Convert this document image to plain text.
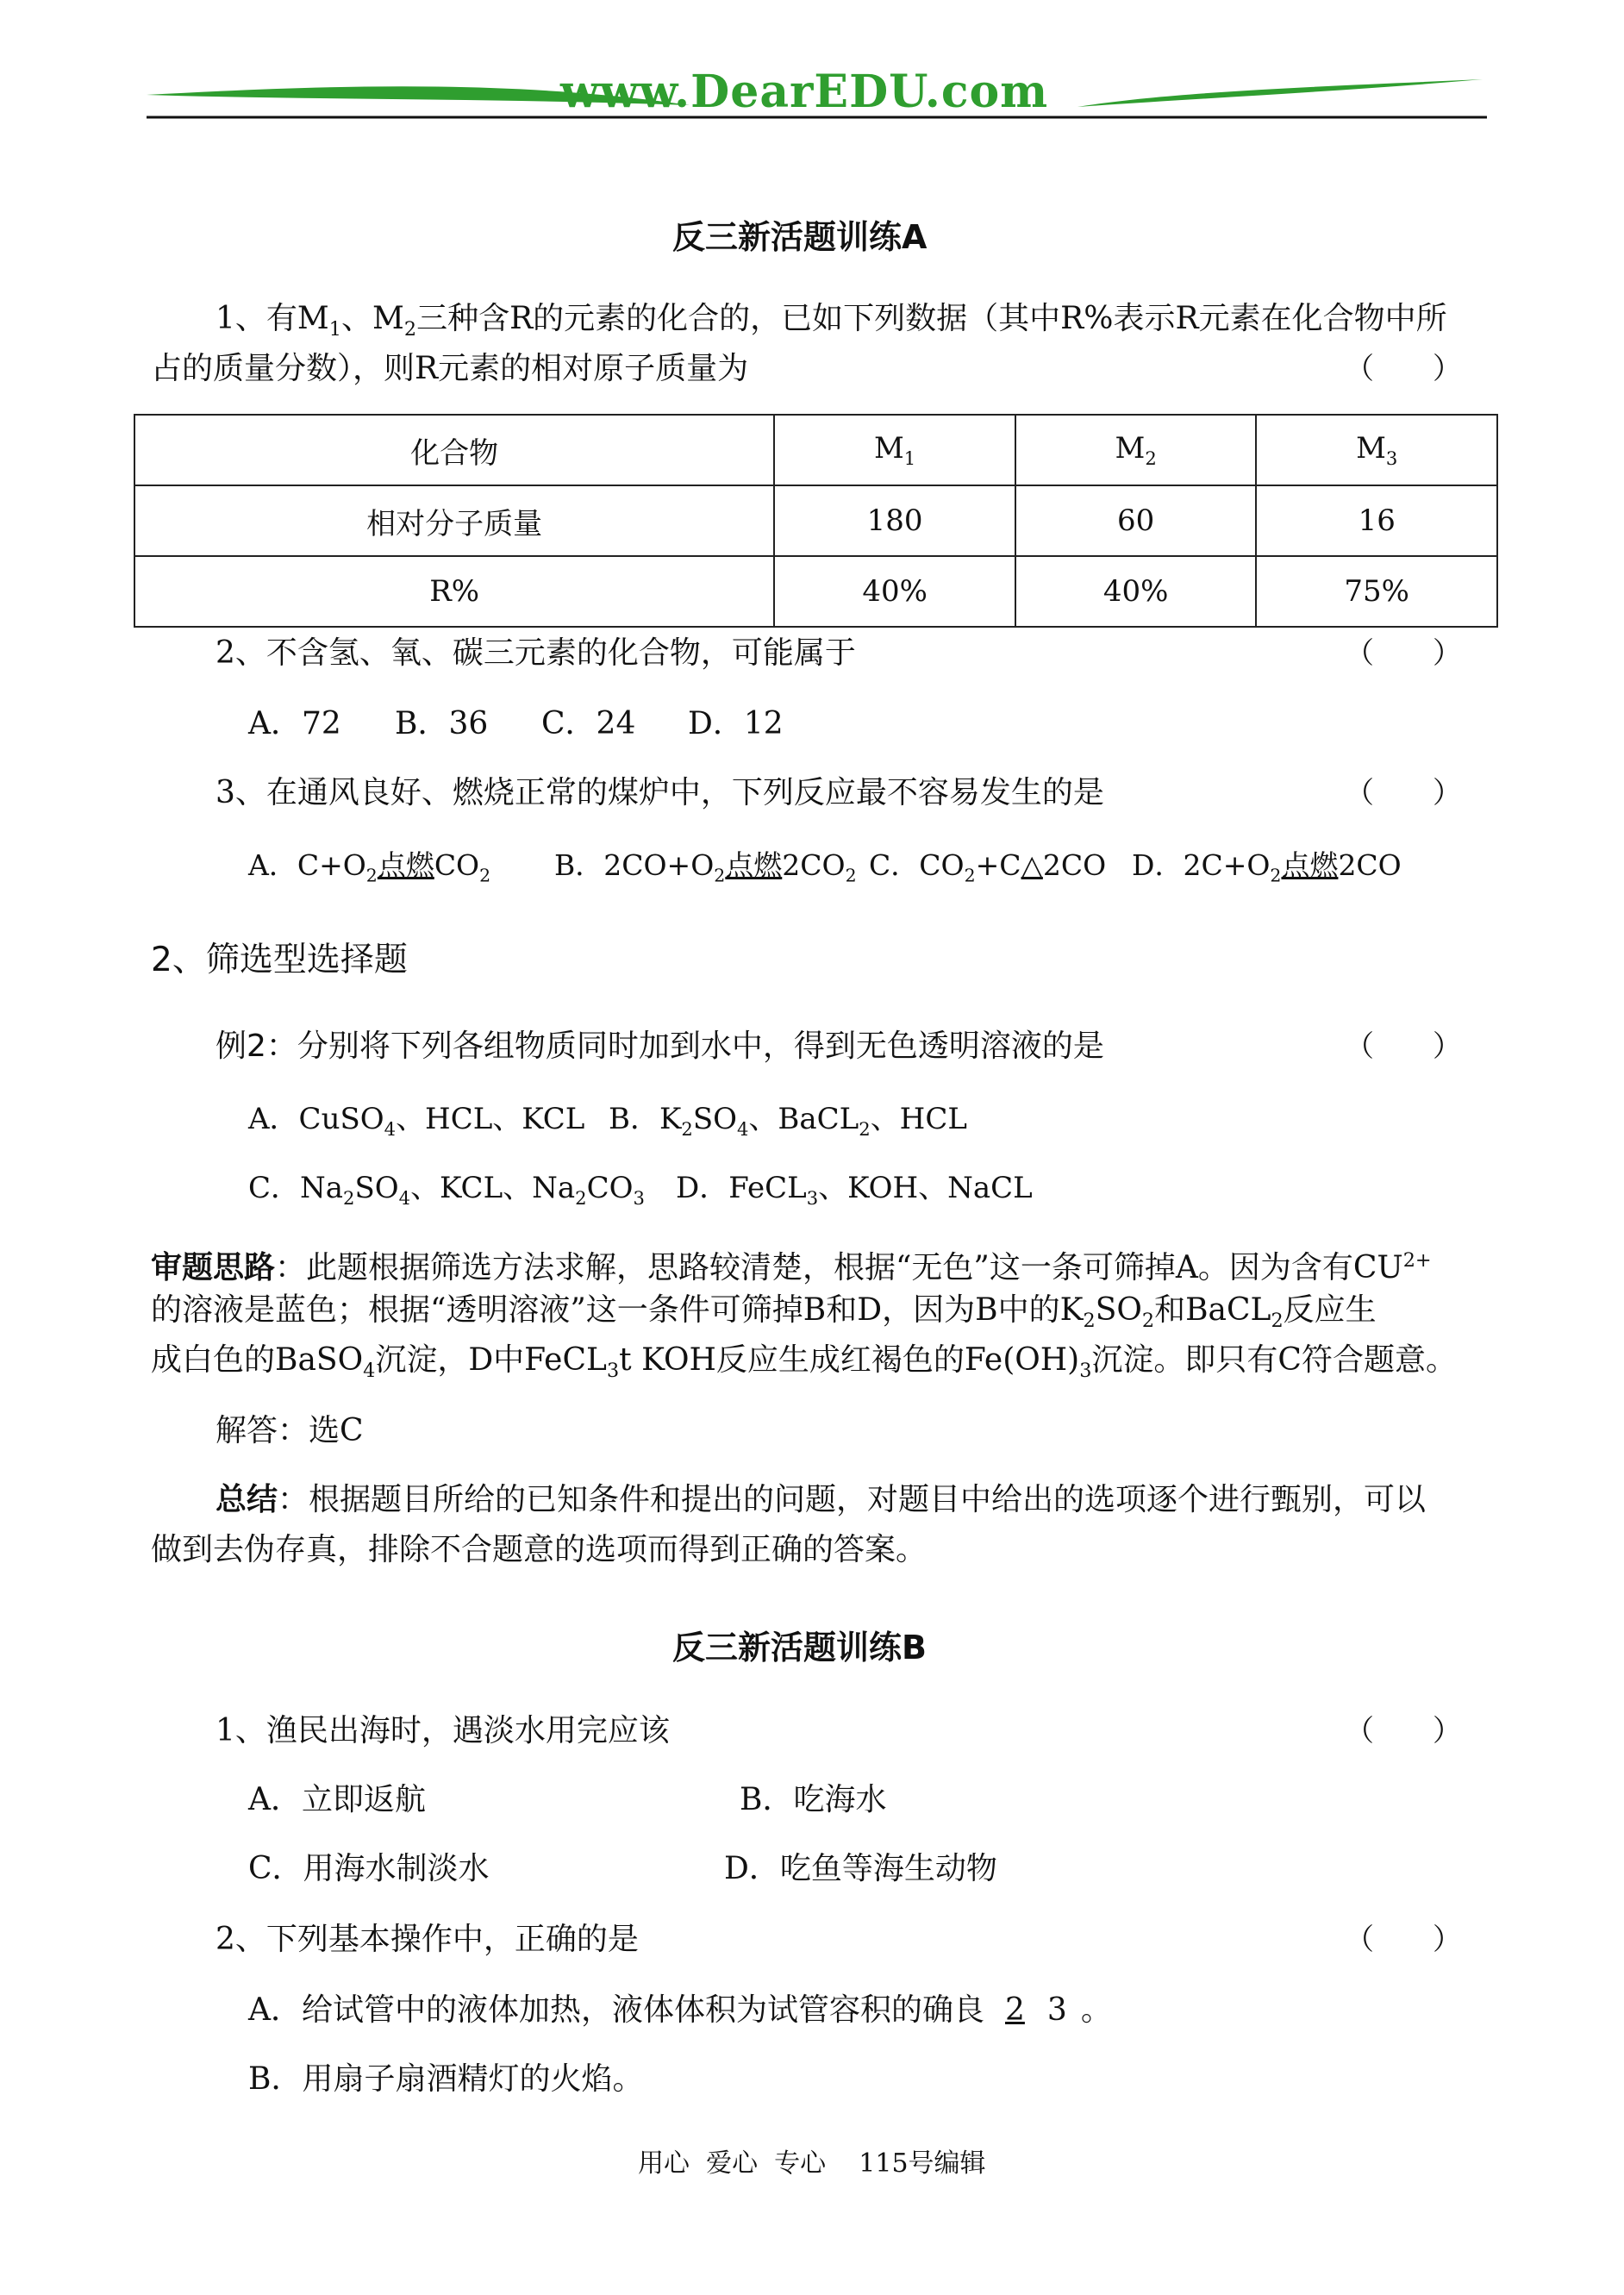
www.DearEDU.com
反三新活题训练A
1、有$M_1$、$M_2$三种含R的元素的化合的，已如下列数据（其中R%表示R元素在化合物中所
占的质量分数），则R元素的相对原子质量为	（　　）
化合物	$M_1$	$M_2$	$M_3$
相对分子质量	180	60	16
R%	40%	40%	75%
2、不含氢、氧、碳三元素的化合物，可能属于	（　　）
A．72 B．36 C．24 D．12
3、在通风良好、燃烧正常的煤炉中，下列反应最不容易发生的是	（　　）
A．$C+O_2$点燃$CO_2$ B．$2CO+O_2$点燃$2CO_2$ C．$CO_2+C\triangle 2CO$ D．$2C+O_2$点燃2CO
2、筛选型选择题
例2：分别将下列各组物质同时加到水中，得到无色透明溶液的是	（　　）
A．CuSO$_4$、HCL、KCL B．$K_2SO_4$、BaCL$_2$、HCL
C．$Na_2SO_4$、KCL、$Na_2CO_3$ D．FeCL$_3$、KOH、NaCL
审题思路：此题根据筛选方法求解，思路较清楚，根据“无色”这一条可筛掉A。因为含有$CU^{2+}$
的溶液是蓝色；根据“透明溶液”这一条件可筛掉B和D，因为B中的$K_2SO_2$和BaCL$_2$反应生
成白色的BaSO$_4$沉淀，D中FeCL$_3$t KOH反应生成红褐色的$Fe(OH)_3$沉淀。即只有C符合题意。
解答：选C
总结：根据题目所给的已知条件和提出的问题，对题目中给出的选项逐个进行甄别，可以
做到去伪存真，排除不合题意的选项而得到正确的答案。
反三新活题训练B
1、渔民出海时，遇淡水用完应该	（　　）
A．立即返航	B．吃海水
C．用海水制淡水	D．吃鱼等海生动物
2、下列基本操作中，正确的是	（　　）
A．给试管中的液体加热，液体体积为试管容积的确良 2 3 。
B．用扇子扇酒精灯的火焰。
用心  爱心  专心    115号编辑
